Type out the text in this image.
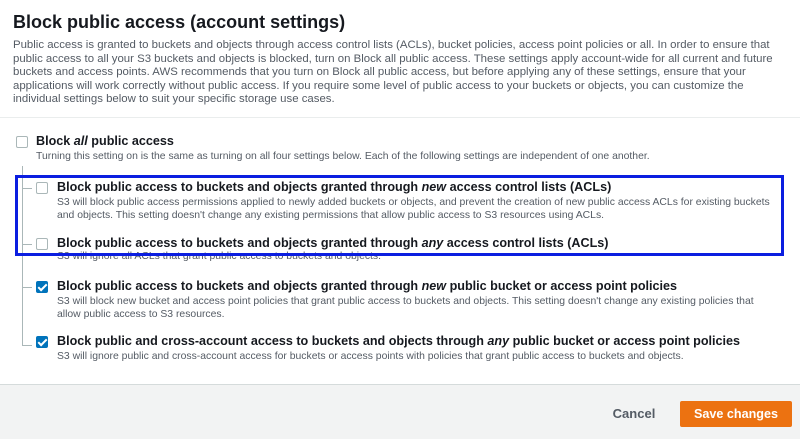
Block public access (account settings)
Public access is granted to buckets and objects through access control lists (ACLs), bucket policies, access point policies or all. In order to ensure that public access to all your S3 buckets and objects is blocked, turn on Block all public access. These settings apply account-wide for all current and future buckets and access points. AWS recommends that you turn on Block all public access, but before applying any of these settings, ensure that your applications will work correctly without public access. If you require some level of public access to your buckets or objects, you can customize the individual settings below to suit your specific storage use cases.
Block all public access
Turning this setting on is the same as turning on all four settings below. Each of the following settings are independent of one another.
Block public access to buckets and objects granted through new access control lists (ACLs)
S3 will block public access permissions applied to newly added buckets or objects, and prevent the creation of new public access ACLs for existing buckets and objects. This setting doesn't change any existing permissions that allow public access to S3 resources using ACLs.
Block public access to buckets and objects granted through any access control lists (ACLs)
S3 will ignore all ACLs that grant public access to buckets and objects.
Block public access to buckets and objects granted through new public bucket or access point policies
S3 will block new bucket and access point policies that grant public access to buckets and objects. This setting doesn't change any existing policies that allow public access to S3 resources.
Block public and cross-account access to buckets and objects through any public bucket or access point policies
S3 will ignore public and cross-account access for buckets or access points with policies that grant public access to buckets and objects.
Cancel	Save changes
